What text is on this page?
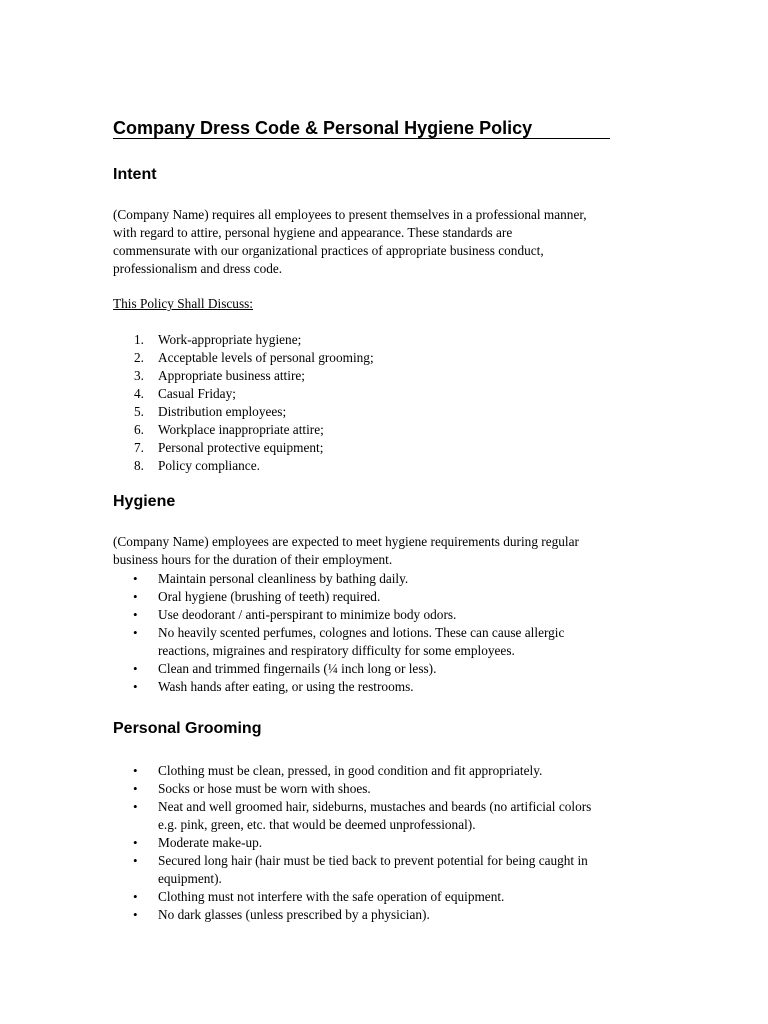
Company Dress Code & Personal Hygiene Policy
Intent

(Company Name) requires all employees to present themselves in a professional manner,
with regard to attire, personal hygiene and appearance. These standards are
commensurate with our organizational practices of appropriate business conduct,
professionalism and dress code.

This Policy Shall Discuss:

1. Work-appropriate hygiene;
2. Acceptable levels of personal grooming;
3. Appropriate business attire;
4. Casual Friday;
5. Distribution employees;
6. Workplace inappropriate attire;
7. Personal protective equipment;
8. Policy compliance.
Hygiene

(Company Name) employees are expected to meet hygiene requirements during regular
business hours for the duration of their employment.

• Maintain personal cleanliness by bathing daily.
• Oral hygiene (brushing of teeth) required.
• Use deodorant / anti-perspirant to minimize body odors.
• No heavily scented perfumes, colognes and lotions. These can cause allergic
reactions, migraines and respiratory difficulty for some employees.
• Clean and trimmed fingernails (¼ inch long or less).
• Wash hands after eating, or using the restrooms.
Personal Grooming
• Clothing must be clean, pressed, in good condition and fit appropriately.
• Socks or hose must be worn with shoes.
• Neat and well groomed hair, sideburns, mustaches and beards (no artificial colors
e.g. pink, green, etc. that would be deemed unprofessional).
• Moderate make-up.
• Secured long hair (hair must be tied back to prevent potential for being caught in
equipment).
• Clothing must not interfere with the safe operation of equipment.
• No dark glasses (unless prescribed by a physician).
